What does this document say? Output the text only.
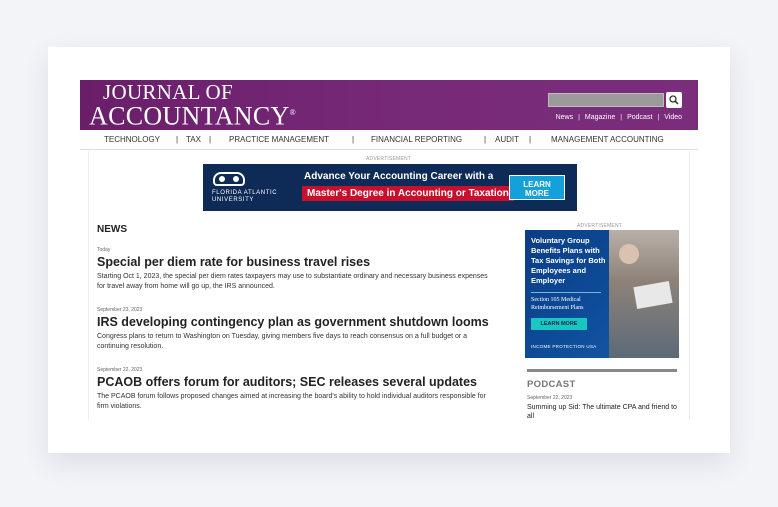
JOURNAL OF
ACCOUNTANCY®
News | Magazine | Podcast | Video
TECHNOLOGY | TAX | PRACTICE MANAGEMENT	| FINANCIAL REPORTING	| AUDIT | MANAGEMENT ACCOUNTING
ADVERTISEMENT
FLORIDA ATLANTIC
UNIVERSITY
Advance Your Accounting Career with a
Master's Degree in Accounting or Taxation
LEARN
MORE
NEWS
Today
Special per diem rate for business travel rises
Starting Oct 1, 2023, the special per diem rates taxpayers may use to substantiate ordinary and necessary business expenses for travel away from home will go up, the IRS announced.
September 23, 2023
IRS developing contingency plan as government shutdown looms
Congress plans to return to Washington on Tuesday, giving members five days to reach consensus on a full budget or a continuing resolution.
September 22, 2023
PCAOB offers forum for auditors; SEC releases several updates
The PCAOB forum follows proposed changes aimed at increasing the board's ability to hold individual auditors responsible for firm violations.
ADVERTISEMENT
Voluntary Group Benefits Plans with Tax Savings for Both Employees and Employer
Section 105 Medical Reimbursement Plans
LEARN MORE
INCOME PROTECTION USA
PODCAST
September 22, 2023
Summing up Sid: The ultimate CPA and friend to all
